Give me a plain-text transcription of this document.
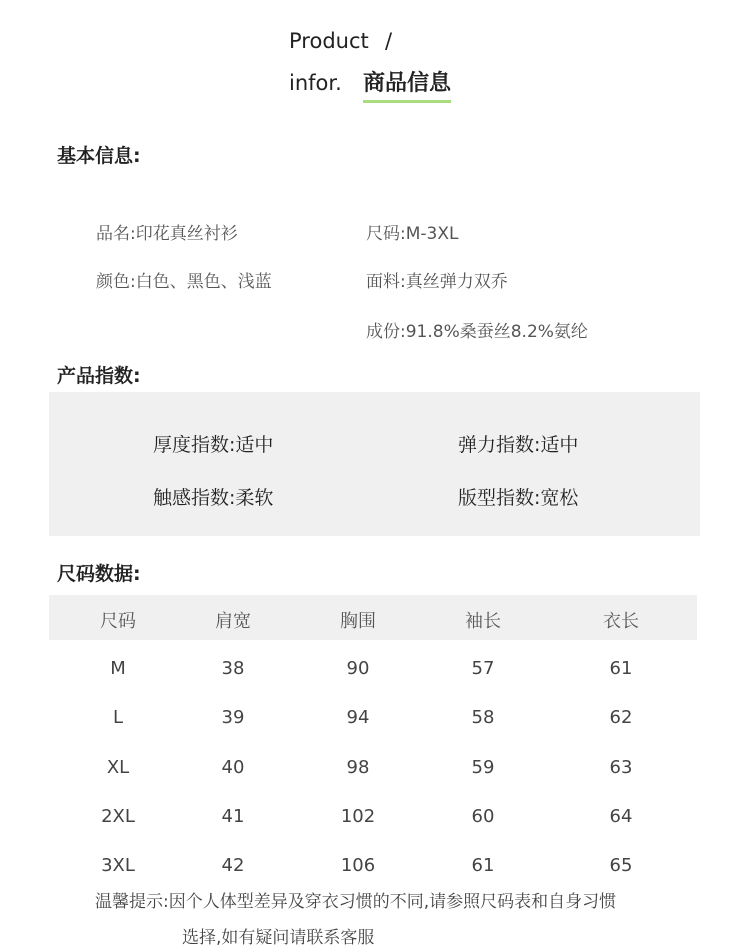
Product /
infor. 商品信息
基本信息:
品名:印花真丝衬衫	尺码:M-3XL
颜色:白色、黑色、浅蓝	面料:真丝弹力双乔
成份:91.8%桑蚕丝8.2%氨纶
产品指数:
厚度指数:适中	弹力指数:适中
触感指数:柔软	版型指数:宽松
尺码数据:
尺码	肩宽	胸围	袖长	衣长
M	38	90	57	61
L	39	94	58	62
XL	40	98	59	63
2XL	41	102	60	64
3XL	42	106	61	65
温馨提示:因个人体型差异及穿衣习惯的不同,请参照尺码表和自身习惯
选择,如有疑问请联系客服
